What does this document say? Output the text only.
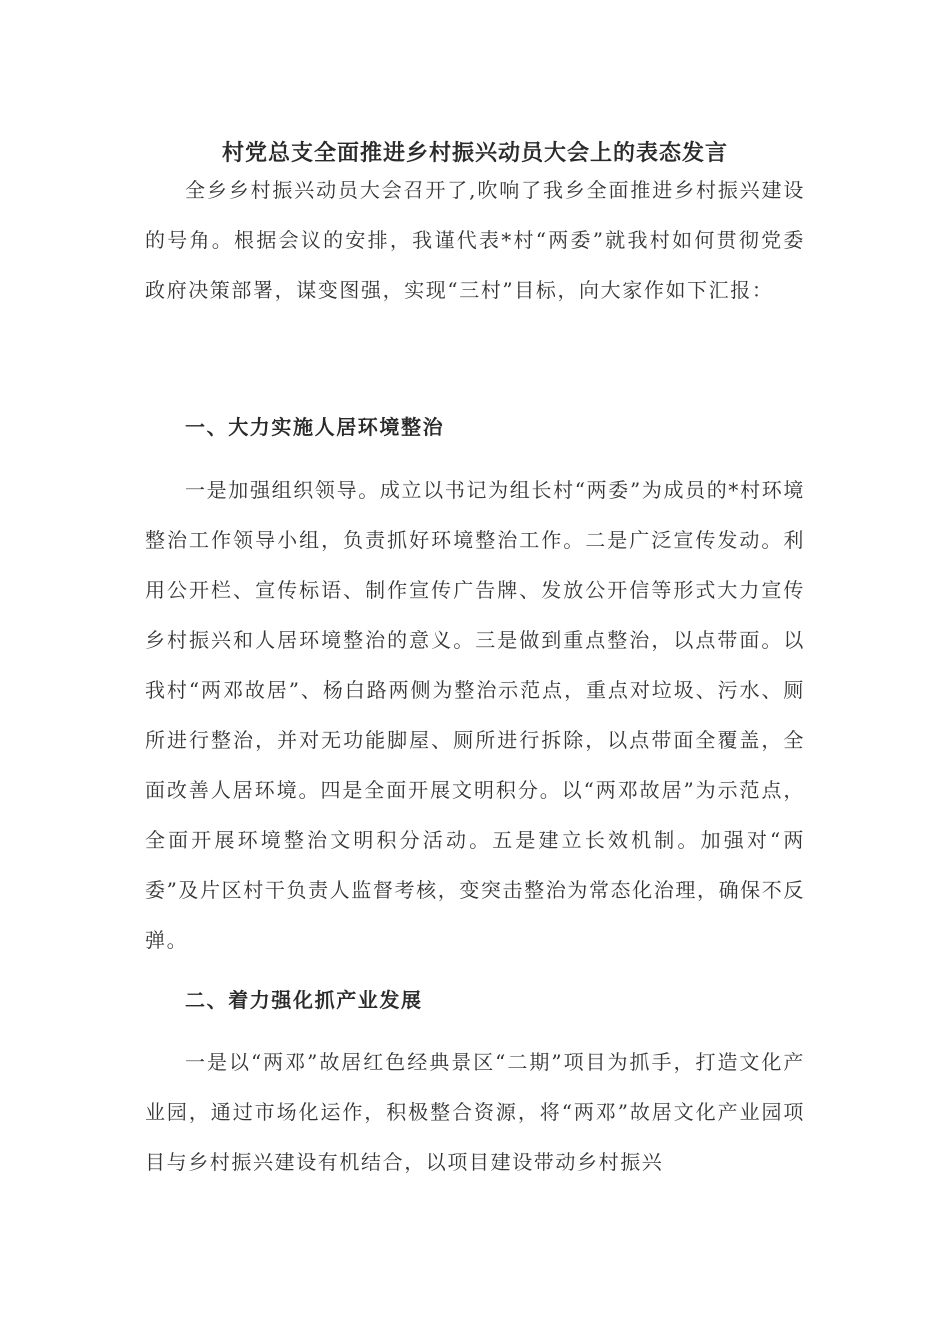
村党总支全面推进乡村振兴动员大会上的表态发言

全乡乡村振兴动员大会召开了,吹响了我乡全面推进乡村振兴建设的号角。根据会议的安排，我谨代表*村“两委”就我村如何贯彻党委政府决策部署，谋变图强，实现“三村”目标，向大家作如下汇报：

一、大力实施人居环境整治

一是加强组织领导。成立以书记为组长村“两委”为成员的*村环境整治工作领导小组，负责抓好环境整治工作。二是广泛宣传发动。利用公开栏、宣传标语、制作宣传广告牌、发放公开信等形式大力宣传乡村振兴和人居环境整治的意义。三是做到重点整治，以点带面。以我村“两邓故居”、杨白路两侧为整治示范点，重点对垃圾、污水、厕所进行整治，并对无功能脚屋、厕所进行拆除，以点带面全覆盖，全面改善人居环境。四是全面开展文明积分。以“两邓故居”为示范点，全面开展环境整治文明积分活动。五是建立长效机制。加强对“两委”及片区村干负责人监督考核，变突击整治为常态化治理，确保不反弹。

二、着力强化抓产业发展

一是以“两邓”故居红色经典景区“二期”项目为抓手，打造文化产业园，通过市场化运作，积极整合资源，将“两邓”故居文化产业园项目与乡村振兴建设有机结合，以项目建设带动乡村振兴
